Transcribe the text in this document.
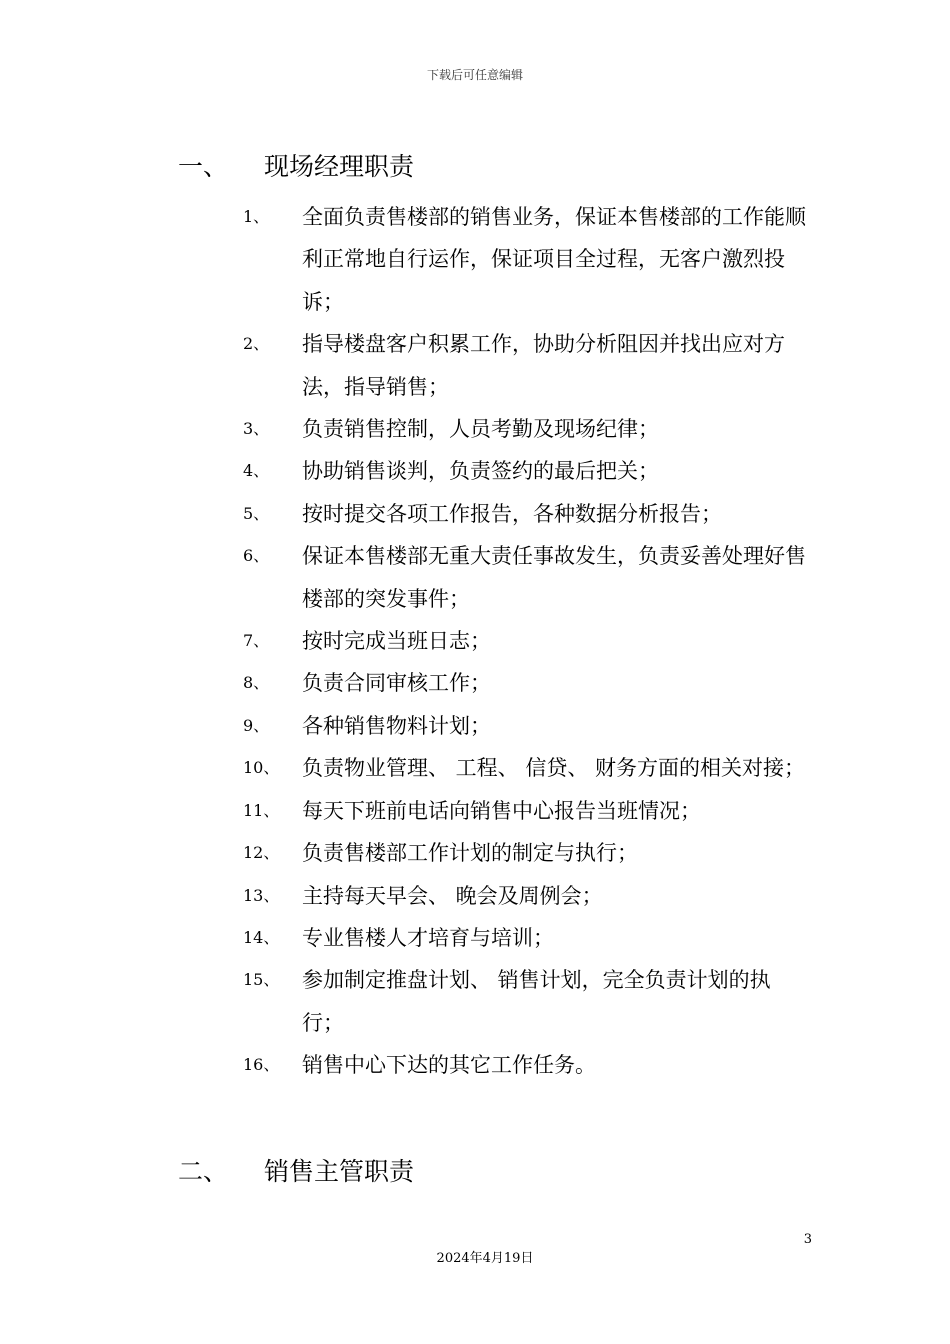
下载后可任意编辑
一、 现场经理职责
1、 全面负责售楼部的销售业务，保证本售楼部的工作能顺利正常地自行运作，保证项目全过程，无客户激烈投诉；
2、 指导楼盘客户积累工作，协助分析阻因并找出应对方法，指导销售；
3、 负责销售控制，人员考勤及现场纪律；
4、 协助销售谈判，负责签约的最后把关；
5、 按时提交各项工作报告，各种数据分析报告；
6、 保证本售楼部无重大责任事故发生，负责妥善处理好售楼部的突发事件；
7、 按时完成当班日志；
8、 负责合同审核工作；
9、 各种销售物料计划；
10、 负责物业管理、 工程、 信贷、 财务方面的相关对接；
11、 每天下班前电话向销售中心报告当班情况；
12、 负责售楼部工作计划的制定与执行；
13、 主持每天早会、 晚会及周例会；
14、 专业售楼人才培育与培训；
15、 参加制定推盘计划、 销售计划，完全负责计划的执行；
16、 销售中心下达的其它工作任务。
二、 销售主管职责
3
2024年4月19日
